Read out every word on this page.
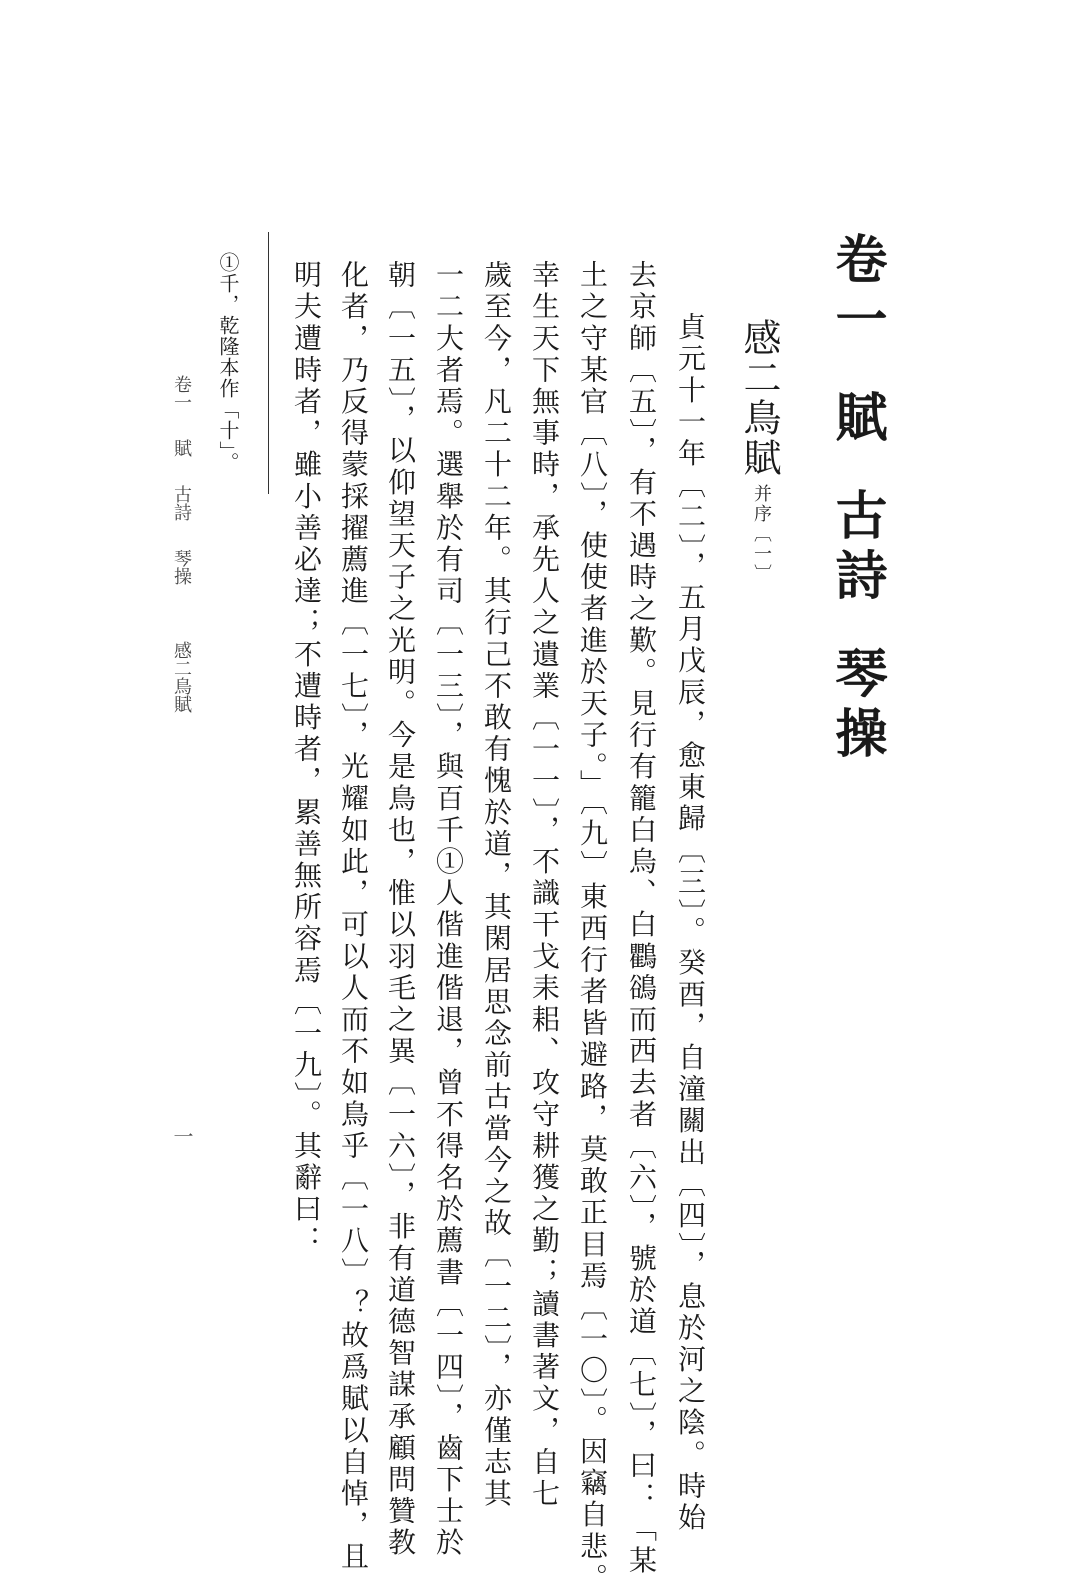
卷一賦古詩琴操
感二鳥賦
并序〔一〕
貞元十一年〔二〕，五月戊辰，愈東歸〔三〕。癸酉，自潼關出〔四〕，息於河之陰。時始
去京師〔五〕，有不遇時之歎。見行有籠白烏、白鸜鵒而西去者〔六〕，號於道〔七〕，曰：「某
土之守某官〔八〕，使使者進於天子。」〔九〕東西行者皆避路，莫敢正目焉〔一〇〕。因竊自悲。
幸生天下無事時，承先人之遺業〔一一〕，不識干戈耒耜、攻守耕獲之勤；讀書著文，自七
歲至今，凡二十二年。其行己不敢有愧於道，其閑居思念前古當今之故〔一二〕，亦僅志其
一二大者焉。選舉於有司〔一三〕，與百千①人偕進偕退，曾不得名於薦書〔一四〕，齒下士於
朝〔一五〕，以仰望天子之光明。今是鳥也，惟以羽毛之異〔一六〕，非有道德智謀承顧問贊教
化者，乃反得蒙採擢薦進〔一七〕，光耀如此，可以人而不如鳥乎〔一八〕？故爲賦以自悼，且
明夫遭時者，雖小善必達；不遭時者，累善無所容焉〔一九〕。其辭曰：
①千，乾隆本作「十」。
卷一賦古詩琴操感二鳥賦
一
